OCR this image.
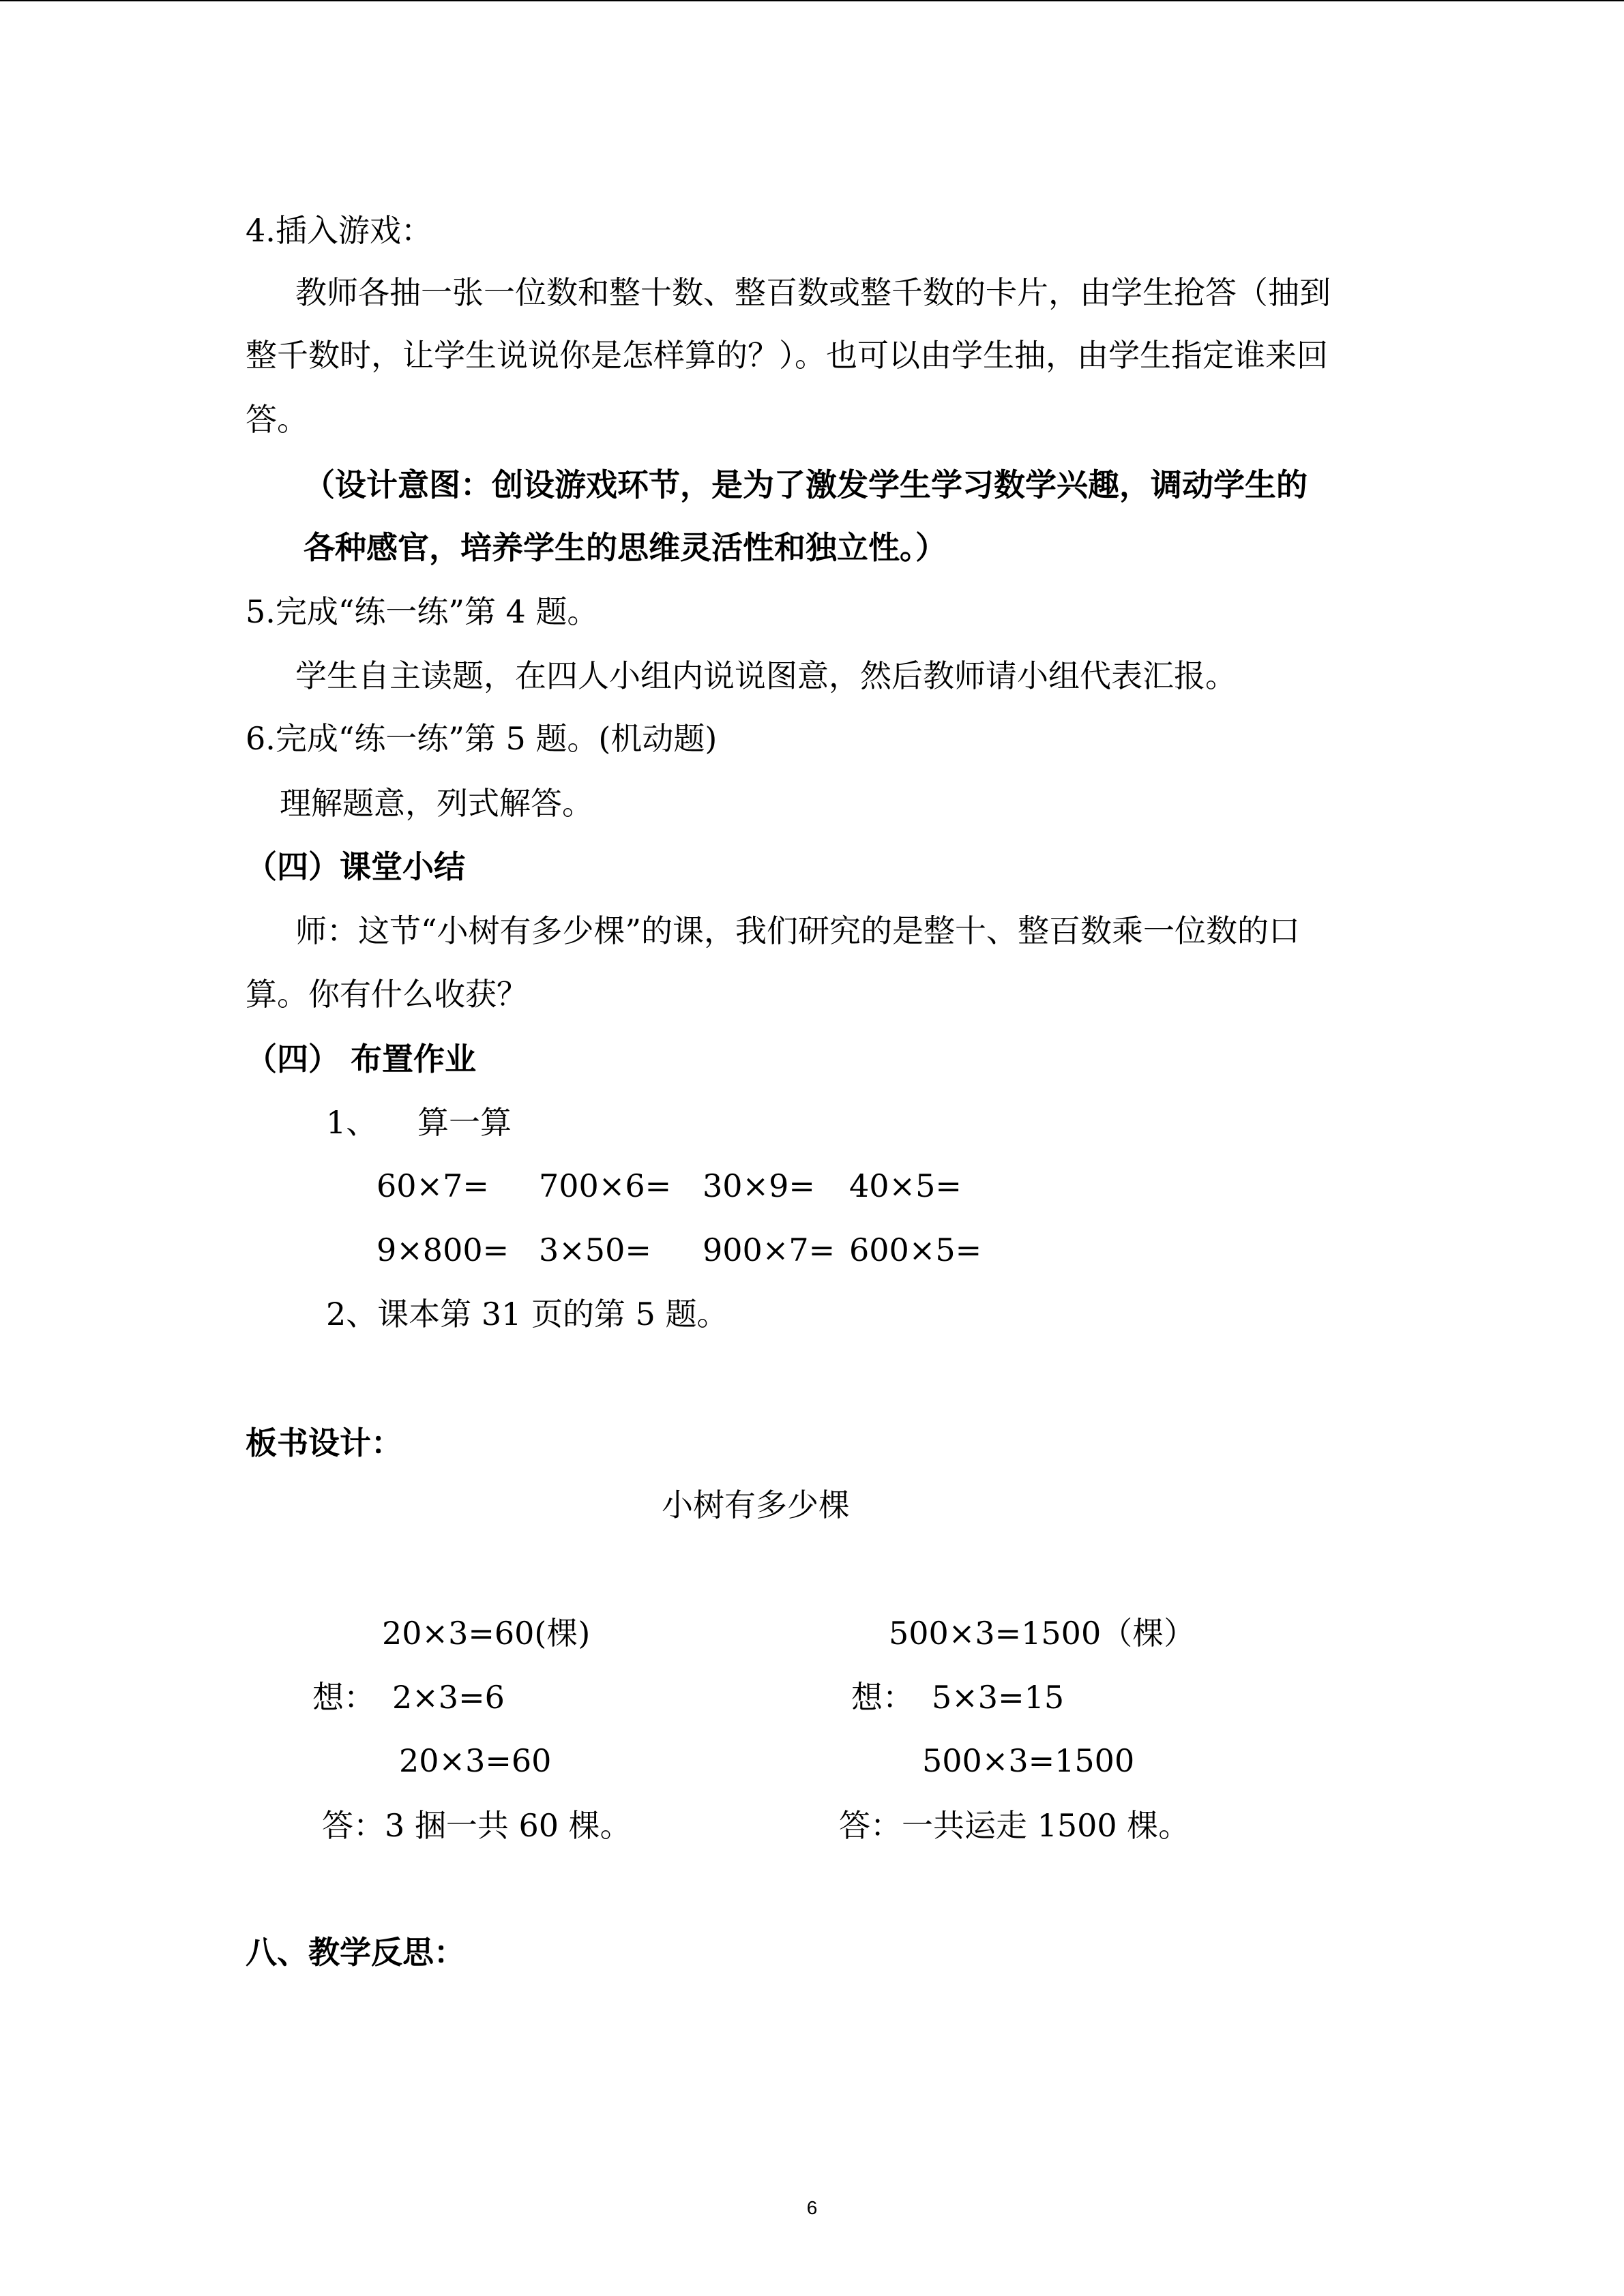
4.插入游戏：
教师各抽一张一位数和整十数、整百数或整千数的卡片，由学生抢答（抽到
整千数时，让学生说说你是怎样算的？）。也可以由学生抽，由学生指定谁来回
答。
（设计意图：创设游戏环节，是为了激发学生学习数学兴趣，调动学生的
各种感官，培养学生的思维灵活性和独立性。）
5.完成“练一练”第 4 题。
学生自主读题，在四人小组内说说图意，然后教师请小组代表汇报。
6.完成“练一练”第 5 题。(机动题)
理解题意，列式解答。
（四）课堂小结
师：这节“小树有多少棵”的课，我们研究的是整十、整百数乘一位数的口
算。你有什么收获？
（四） 布置作业
1、 算一算
60×7= 700×6= 30×9= 40×5=
9×800= 3×50= 900×7= 600×5=
2、课本第 31 页的第 5 题。
板书设计：
小树有多少棵
20×3=60(棵)	500×3=1500（棵）
想： 2×3=6	想： 5×3=15
20×3=60	500×3=1500
答：3 捆一共 60 棵。	答：一共运走 1500 棵。
八、教学反思：
6
